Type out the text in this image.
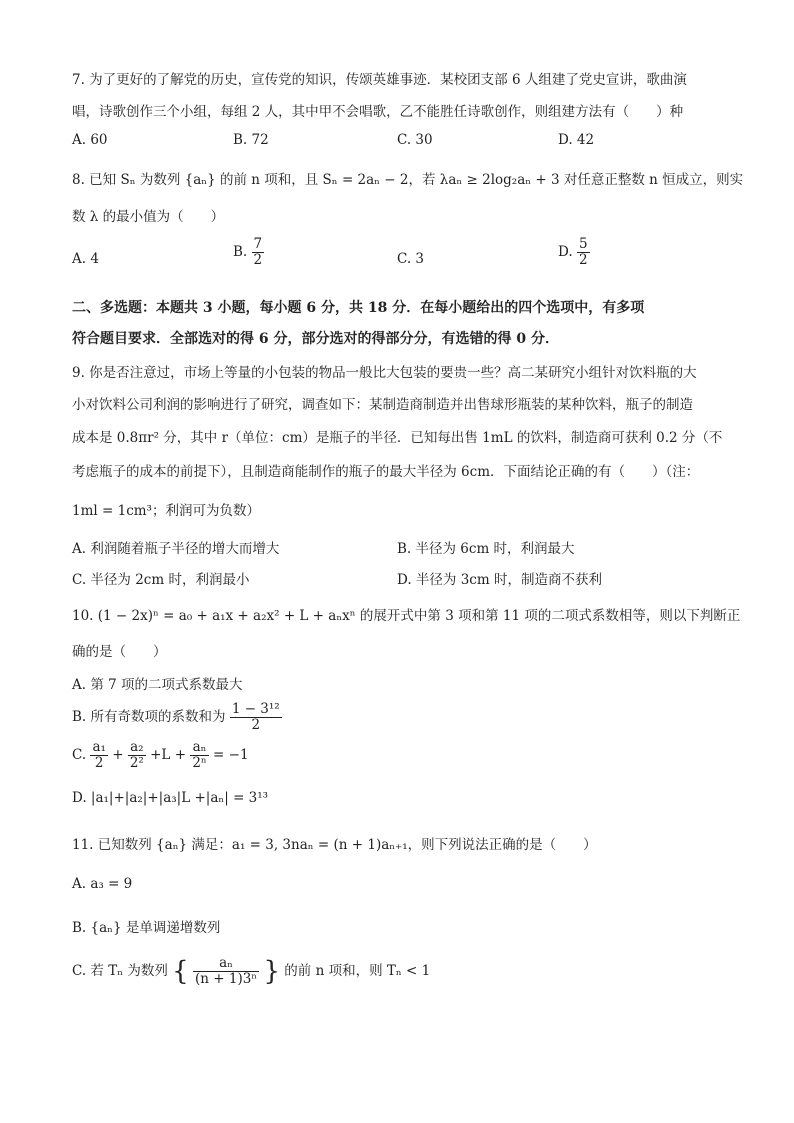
7. 为了更好的了解党的历史，宣传党的知识，传颂英雄事迹．某校团支部 6 人组建了党史宣讲，歌曲演
唱，诗歌创作三个小组，每组 2 人，其中甲不会唱歌，乙不能胜任诗歌创作，则组建方法有（　　）种
A. 60	B. 72	C. 30	D. 42
8. 已知 Sₙ 为数列 {aₙ} 的前 n 项和，且 Sₙ = 2aₙ − 2，若 λaₙ ≥ 2log₂aₙ + 3 对任意正整数 n 恒成立，则实
数 λ 的最小值为（　　）
A. 4	B. $\frac{7}{2}$	C. 3	D. $\frac{5}{2}$
二、多选题：本题共 3 小题，每小题 6 分，共 18 分．在每小题给出的四个选项中，有多项
符合题目要求．全部选对的得 6 分，部分选对的得部分分，有选错的得 0 分．
9. 你是否注意过，市场上等量的小包装的物品一般比大包装的要贵一些？高二某研究小组针对饮料瓶的大
小对饮料公司利润的影响进行了研究，调查如下：某制造商制造并出售球形瓶装的某种饮料，瓶子的制造
成本是 0.8πr² 分，其中 r（单位：cm）是瓶子的半径．已知每出售 1mL 的饮料，制造商可获利 0.2 分（不
考虑瓶子的成本的前提下），且制造商能制作的瓶子的最大半径为 6cm．下面结论正确的有（　　）（注：
1ml = 1cm³；利润可为负数）
A. 利润随着瓶子半径的增大而增大	B. 半径为 6cm 时，利润最大
C. 半径为 2cm 时，利润最小	D. 半径为 3cm 时，制造商不获利
10. (1 − 2x)ⁿ = a₀ + a₁x + a₂x² + L + aₙxⁿ 的展开式中第 3 项和第 11 项的二项式系数相等，则以下判断正
确的是（　　）
A. 第 7 项的二项式系数最大
B. 所有奇数项的系数和为 $\frac{\text{1 − 3¹²}}{2}$
C. $\frac{\text{a₁}}{2} + \frac{\text{a₂}}{\text{2²}} +L + \frac{\text{aₙ}}{\text{2ⁿ}} = -1$
D. |a₁|+|a₂|+|a₃|L +|aₙ| = 3¹³
11. 已知数列 {aₙ} 满足：a₁ = 3, 3naₙ = (n + 1)aₙ₊₁，则下列说法正确的是（　　）
A. a₃ = 9
B. {aₙ} 是单调递增数列
C. 若 Tₙ 为数列 { $\frac{\text{aₙ}}{\text{(n + 1)3ⁿ}}$ } 的前 n 项和，则 Tₙ < 1
